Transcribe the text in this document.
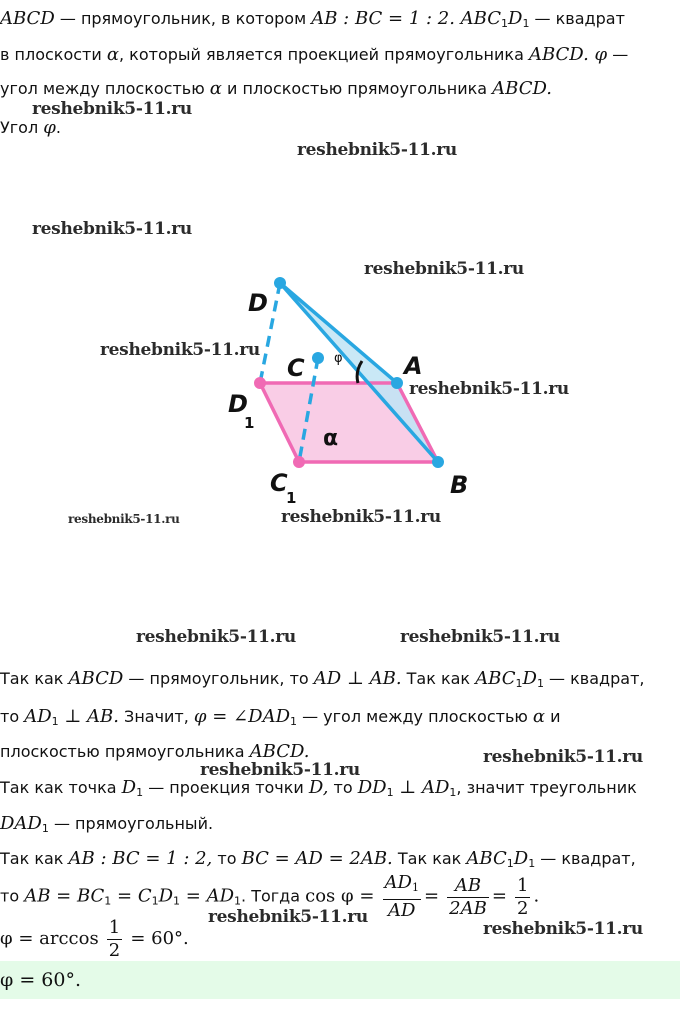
ABCD — прямоугольник, в котором AB : BC = 1 : 2. $ABC_1D_1$ — квадрат
в плоскости α, который является проекцией прямоугольника ABCD. φ —
угол между плоскостью α и плоскостью прямоугольника ABCD.
Угол φ.
D
C	A
D
1
C
1	B
α
φ
Так как ABCD — прямоугольник, то AD ⊥ AB. Так как $ABC_1D_1$ — квадрат,
то $AD_1$ ⊥ AB. Значит, $\varphi = \angle DAD_1$ — угол между плоскостью α и
плоскостью прямоугольника ABCD.
Так как точка $D_1$ — проекция точки D, то $DD_1$ ⊥ $AD_1$, значит треугольник
$DAD_1$ — прямоугольный.
Так как AB : BC = 1 : 2, то BC = AD = 2AB. Так как $ABC_1D_1$ — квадрат,
то AB = $BC_1 = C_1D_1 = AD_1$. Тогда $\cos \varphi = \frac{AD_1}{AD} = \frac{AB}{2AB} = \frac{1}{2}$ .
$\varphi = \arccos \frac{1}{2} = 60^\circ$.
φ = 60°.
reshebnik5-11.ru
reshebnik5-11.ru
reshebnik5-11.ru
reshebnik5-11.ru
reshebnik5-11.ru
reshebnik5-11.ru
reshebnik5-11.ru	reshebnik5-11.ru
reshebnik5-11.ru	reshebnik5-11.ru
reshebnik5-11.ru
reshebnik5-11.ru
reshebnik5-11.ru
reshebnik5-11.ru
